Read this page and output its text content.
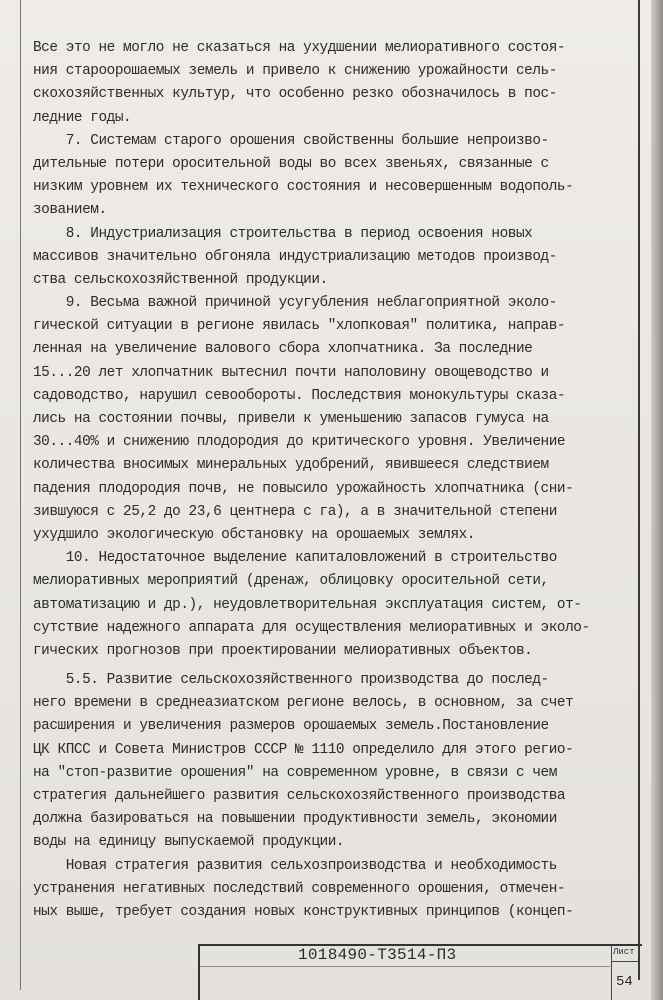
Все это не могло не сказаться на ухудшении мелиоративного состоя-
ния староорошаемых земель и привело к снижению урожайности сель-
скохозяйственных культур, что особенно резко обозначилось в пос-
ледние годы.
7. Системам старого орошения свойственны большие непроизво-
дительные потери оросительной воды во всех звеньях, связанные с
низким уровнем их технического состояния и несовершенным водополь-
зованием.
8. Индустриализация строительства в период освоения новых
массивов значительно обгоняла индустриализацию методов производ-
ства сельскохозяйственной продукции.
9. Весьма важной причиной усугубления неблагоприятной эколо-
гической ситуации в регионе явилась "хлопковая" политика, направ-
ленная на увеличение валового сбора хлопчатника. За последние
15...20 лет хлопчатник вытеснил почти наполовину овощеводство и
садоводство, нарушил севообороты. Последствия монокультуры сказа-
лись на состоянии почвы, привели к уменьшению запасов гумуса на
30...40% и снижению плодородия до критического уровня. Увеличение
количества вносимых минеральных удобрений, явившееся следствием
падения плодородия почв, не повысило урожайность хлопчатника (сни-
зившуюся с 25,2 до 23,6 центнера с га), а в значительной степени
ухудшило экологическую обстановку на орошаемых землях.
10. Недостаточное выделение капиталовложений в строительство
мелиоративных мероприятий (дренаж, облицовку оросительной сети,
автоматизацию и др.), неудовлетворительная эксплуатация систем, от-
сутствие надежного аппарата для осуществления мелиоративных и эколо-
гических прогнозов при проектировании мелиоративных объектов.
5.5. Развитие сельскохозяйственного производства до послед-
него времени в среднеазиатском регионе велось, в основном, за счет
расширения и увеличения размеров орошаемых земель.Постановление
ЦК КПСС и Совета Министров СССР № 1110 определило для этого регио-
на "стоп-развитие орошения" на современном уровне, в связи с чем
стратегия дальнейшего развития сельскохозяйственного производства
должна базироваться на повышении продуктивности земель, экономии
воды на единицу выпускаемой продукции.
Новая стратегия развития сельхозпроизводства и необходимость
устранения негативных последствий современного орошения, отмечен-
ных выше, требует создания новых конструктивных принципов (концеп-
1018490-Т3514-П3	Лист
54
